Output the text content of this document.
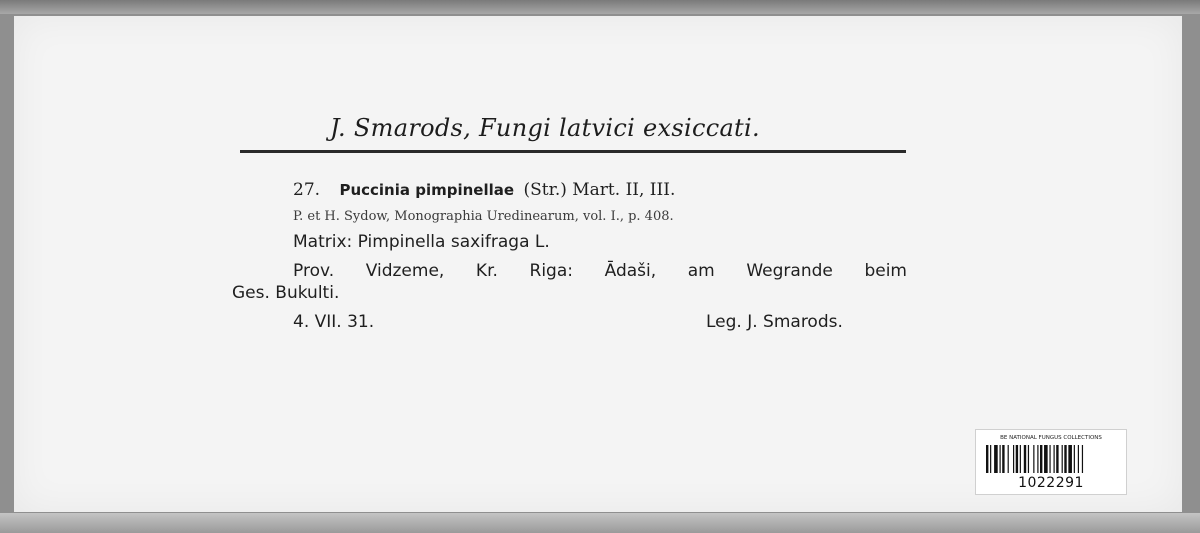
J. Smarods, Fungi latvici exsiccati.
27. Puccinia pimpinellae (Str.) Mart. II, III.
P. et H. Sydow, Monographia Uredinearum, vol. I., p. 408.
Matrix: Pimpinella saxifraga L.
Prov. Vidzeme, Kr. Riga: Ādaši, am Wegrande beim
Ges. Bukulti.
4. VII. 31.	Leg. J. Smarods.
BE NATIONAL FUNGUS COLLECTIONS
1022291
